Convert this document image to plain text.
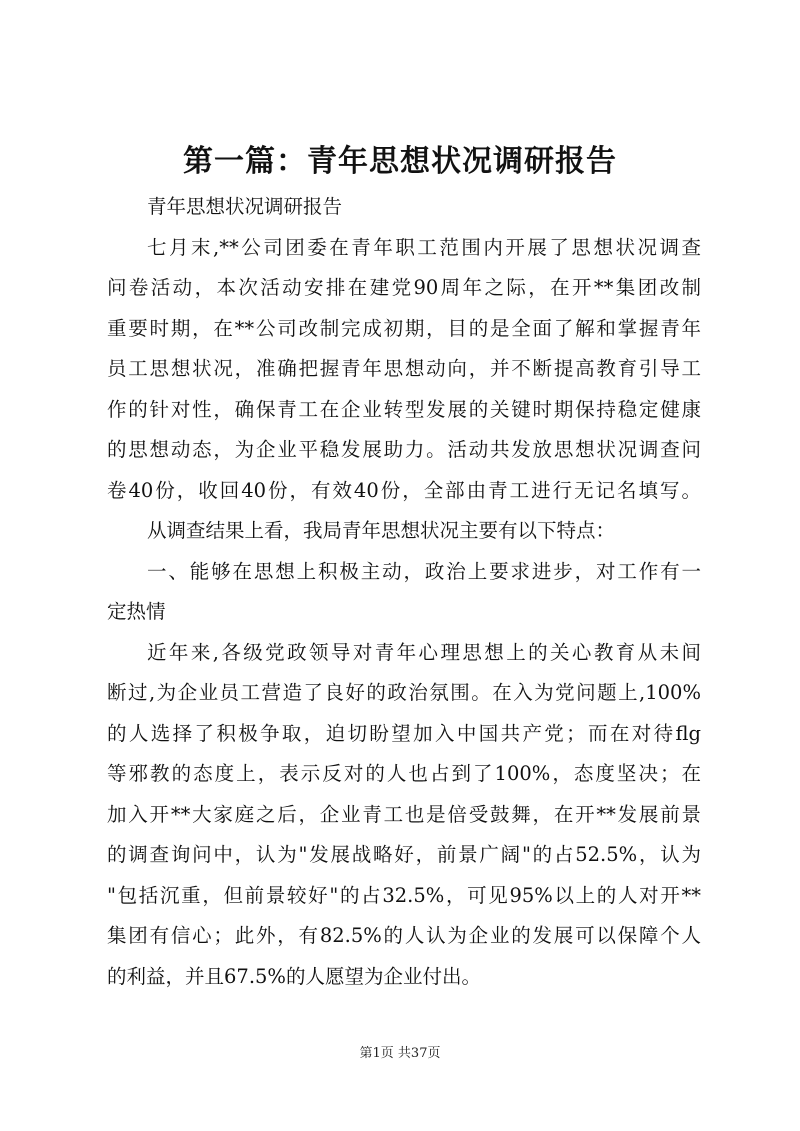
第一篇：青年思想状况调研报告
青年思想状况调研报告
七月末,**公司团委在青年职工范围内开展了思想状况调查
问卷活动，本次活动安排在建党90周年之际，在开**集团改制
重要时期，在**公司改制完成初期，目的是全面了解和掌握青年
员工思想状况，准确把握青年思想动向，并不断提高教育引导工
作的针对性，确保青工在企业转型发展的关键时期保持稳定健康
的思想动态，为企业平稳发展助力。活动共发放思想状况调查问
卷40份，收回40份，有效40份，全部由青工进行无记名填写。
从调查结果上看，我局青年思想状况主要有以下特点：
一、能够在思想上积极主动，政治上要求进步，对工作有一
定热情
近年来,各级党政领导对青年心理思想上的关心教育从未间
断过,为企业员工营造了良好的政治氛围。在入为党问题上,100%
的人选择了积极争取，迫切盼望加入中国共产党；而在对待flg
等邪教的态度上，表示反对的人也占到了100%，态度坚决；在
加入开**大家庭之后，企业青工也是倍受鼓舞，在开**发展前景
的调查询问中，认为"发展战略好，前景广阔"的占52.5%，认为
"包括沉重，但前景较好"的占32.5%，可见95%以上的人对开**
集团有信心；此外，有82.5%的人认为企业的发展可以保障个人
的利益，并且67.5%的人愿望为企业付出。
第1页 共37页
